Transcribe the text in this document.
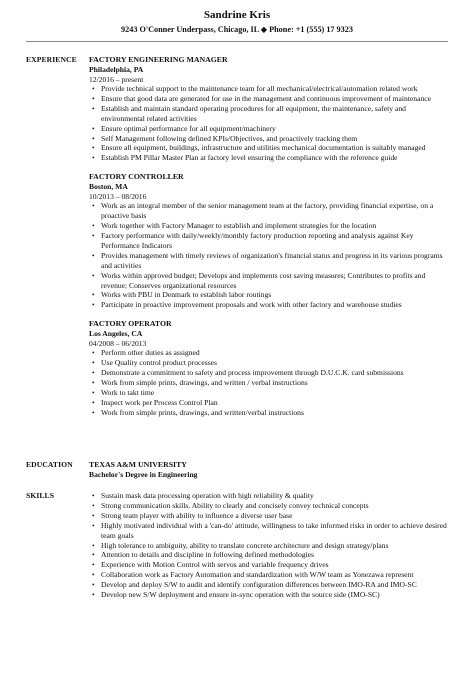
Sandrine Kris
9243 O'Conner Underpass, Chicago, IL ◆ Phone: +1 (555) 17 9323
EXPERIENCE FACTORY ENGINEERING MANAGER
Philadelphia, PA
12/2016 – present
• Provide technical support to the maintenance team for all mechanical/electrical/automation related work
• Ensure that good data are generated for use in the management and continuous improvement of maintenance
• Establish and maintain standard operating procedures for all equipment, the maintenance, safety and environmental related activities
• Ensure optimal performance for all equipment/machinery
• Self Management following defined KPIs/Objectives, and proactively tracking them
• Ensure all equipment, buildings, infrastructure and utilities mechanical documentation is suitably managed
• Establish PM Pillar Master Plan at factory level ensuring the compliance with the reference guide
FACTORY CONTROLLER
Boston, MA
10/2013 – 08/2016
• Work as an integral member of the senior management team at the factory, providing financial expertise, on a proactive basis
• Work together with Factory Manager to establish and implement strategies for the location
• Factory performance with daily/weekly/monthly factory production reporting and analysis against Key Performance Indicators
• Provides management with timely reviews of organization's financial status and progress in its various programs and activities
• Works within approved budget; Develops and implements cost saving measures; Contributes to profits and revenue; Conserves organizational resources
• Works with PBU in Denmark to establish labor routings
• Participate in proactive improvement proposals and work with other factory and warehouse studies
FACTORY OPERATOR
Los Angeles, CA
04/2008 – 06/2013
• Perform other duties as assigned
• Use Quality control product processes
• Demonstrate a commitment to safety and process improvement through D.U.C.K. card submissions
• Work from simple prints, drawings, and written / verbal instructions
• Work to takt time
• Inspect work per Process Control Plan
• Work from simple prints, drawings, and written/verbal instructions
EDUCATION TEXAS A&M UNIVERSITY
Bachelor's Degree in Engineering
SKILLS
•	Sustain mask data processing operation with high reliability & quality
• Strong communication skills. Ability to clearly and concisely convey technical concepts
• Strong team player with ability to influence a diverse user base
• Highly motivated individual with a 'can-do' attitude, willingness to take informed risks in order to achieve desired team goals
• High tolerance to ambiguity, ability to translate concrete architecture and design strategy/plans
• Attention to details and discipline in following defined methodologies
• Experience with Motion Control with servos and variable frequency drives
• Collaboration work as Factory Automation and standardization with W/W team as Yonezawa represent
• Develop and deploy S/W to audit and identify configuration differences between IMO-RA and IMO-SC
• Develop new S/W deployment and ensure in-sync operation with the source side (IMO-SC)
